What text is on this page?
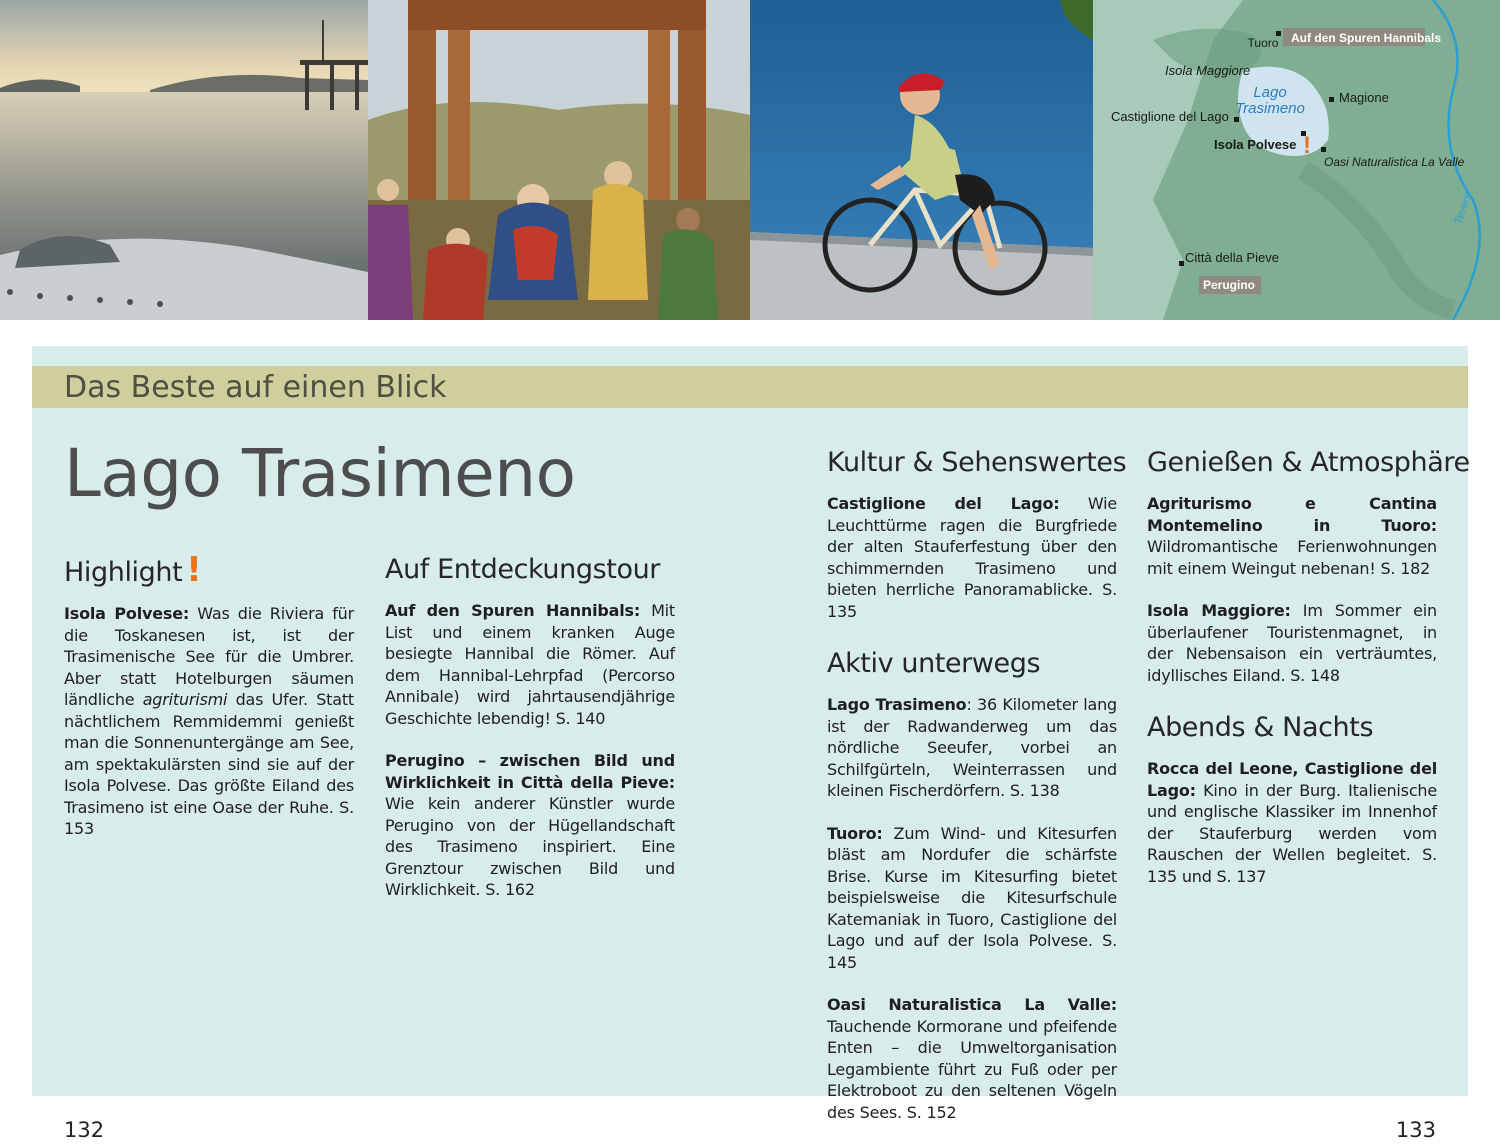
Tuoro Auf den Spuren Hannibals
Isola Maggiore
Lago
Trasimeno
Magione
Castiglione del Lago
Isola Polvese !
Oasi Naturalistica La Valle
Città della Pieve
Perugino
Tevere
Das Beste auf einen Blick
Lago Trasimeno
Highlight !

Isola Polvese: Was die Riviera für die Toskanesen ist, ist der Trasimenische See für die Umbrer. Aber statt Hotelburgen säumen ländliche agriturismi das Ufer. Statt nächtlichem Remmidemmi genießt man die Sonnenuntergänge am See, am spektakulärsten sind sie auf der Isola Polvese. Das größte Eiland des Trasimeno ist eine Oase der Ruhe. S. 153

Auf Entdeckungstour

Auf den Spuren Hannibals: Mit List und einem kranken Auge besiegte Hannibal die Römer. Auf dem Hannibal-Lehrpfad (Percorso Annibale) wird jahrtausendjährige Geschichte lebendig! S. 140

Perugino – zwischen Bild und Wirklichkeit in Città della Pieve: Wie kein anderer Künstler wurde Perugino von der Hügellandschaft des Trasimeno inspiriert. Eine Grenztour zwischen Bild und Wirklichkeit. S. 162

Kultur & Sehenswertes

Castiglione del Lago: Wie Leuchttürme ragen die Burgfriede der alten Stauferfestung über den schimmernden Trasimeno und bieten herrliche Panoramablicke. S. 135

Aktiv unterwegs

Lago Trasimeno: 36 Kilometer lang ist der Radwanderweg um das nördliche Seeufer, vorbei an Schilfgürteln, Weinterrassen und kleinen Fischerdörfern. S. 138

Tuoro: Zum Wind- und Kitesurfen bläst am Nordufer die schärfste Brise. Kurse im Kitesurfing bietet beispielsweise die Kitesurfschule Katemaniak in Tuoro, Castiglione del Lago und auf der Isola Polvese. S. 145

Oasi Naturalistica La Valle: Tauchende Kormorane und pfeifende Enten – die Umweltorganisation Legambiente führt zu Fuß oder per Elektroboot zu den seltenen Vögeln des Sees. S. 152

Genießen & Atmosphäre

Agriturismo e Cantina Montemelino in Tuoro: Wildromantische Ferienwohnungen mit einem Weingut nebenan! S. 182

Isola Maggiore: Im Sommer ein überlaufener Touristenmagnet, in der Nebensaison ein verträumtes, idyllisches Eiland. S. 148

Abends & Nachts

Rocca del Leone, Castiglione del Lago: Kino in der Burg. Italienische und englische Klassiker im Innenhof der Stauferburg werden vom Rauschen der Wellen begleitet. S. 135 und S. 137

132	133
